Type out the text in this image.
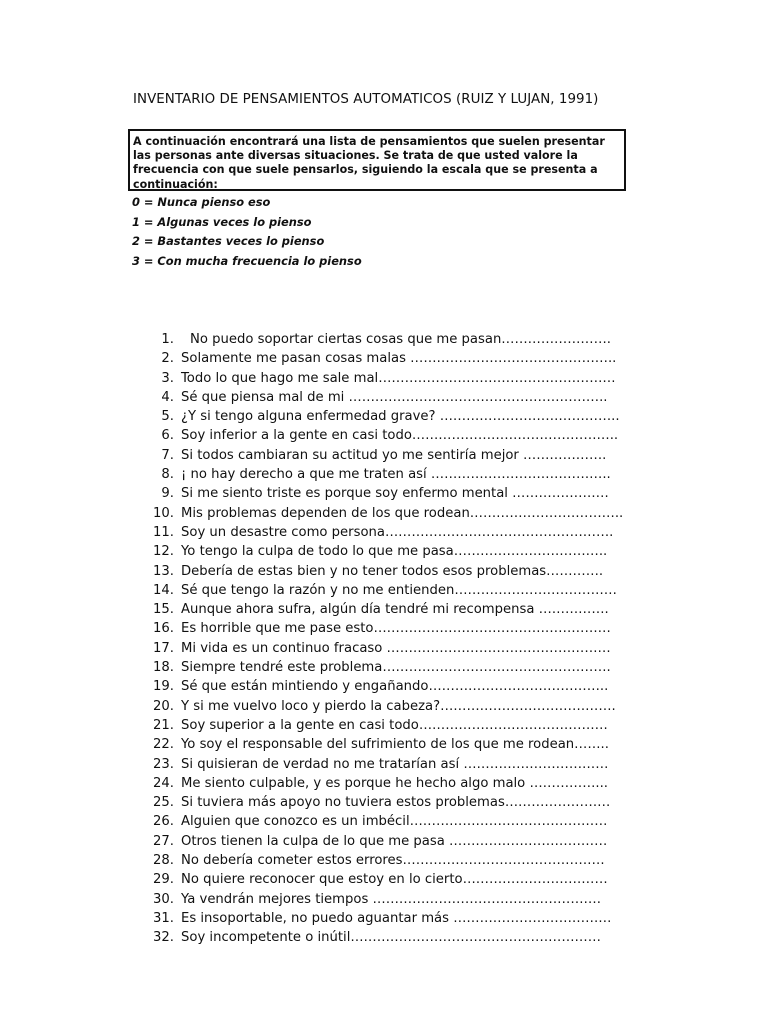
INVENTARIO DE PENSAMIENTOS AUTOMATICOS (RUIZ Y LUJAN, 1991)
A continuación encontrará una lista de pensamientos que suelen presentar las personas ante diversas situaciones. Se trata de que usted valore la frecuencia con que suele pensarlos, siguiendo la escala que se presenta a continuación:
0 = Nunca pienso eso
1 = Algunas veces lo pienso
2 = Bastantes veces lo pienso
3 = Con mucha frecuencia lo pienso
1.	No puedo soportar ciertas cosas que me pasan…………………….
2. Solamente me pasan cosas malas ………………………………………..
3. Todo lo que hago me sale mal………………………………………………
4. Sé que piensa mal de mi …………………………………………………..
5. ¿Y si tengo alguna enfermedad grave? …………………………………..
6. Soy inferior a la gente en casi todo………………………………………..
7. Si todos cambiaran su actitud yo me sentiría mejor ……………….
8. ¡ no hay derecho a que me traten así …………………………………..
9. Si me siento triste es porque soy enfermo mental ………………….
10. Mis problemas dependen de los que rodean……………………………..
11. Soy un desastre como persona…………………………………………….
12. Yo tengo la culpa de todo lo que me pasa……………………………..
13. Debería de estas bien y no tener todos esos problemas………….
14. Sé que tengo la razón y no me entienden……………………………….
15. Aunque ahora sufra, algún día tendré mi recompensa …………….
16. Es horrible que me pase esto………………………………………………
17. Mi vida es un continuo fracaso ……………………………………………
18. Siempre tendré este problema…………………………………………….
19. Sé que están mintiendo y engañando…………………………………..
20. Y si me vuelvo loco y pierdo la cabeza?………………………………….
21. Soy superior a la gente en casi todo…………………………………….
22. Yo soy el responsable del sufrimiento de los que me rodean……..
23. Si quisieran de verdad no me tratarían así ……………………………
24. Me siento culpable, y es porque he hecho algo malo ……………...
25. Si tuviera más apoyo no tuviera estos problemas……………………
26. Alguien que conozco es un imbécil………………………………………
27. Otros tienen la culpa de lo que me pasa ………………………………
28. No debería cometer estos errores……………………………………….
29. No quiere reconocer que estoy en lo cierto……………………………
30. Ya vendrán mejores tiempos …………………………………………….
31. Es insoportable, no puedo aguantar más ………………………………
32. Soy incompetente o inútil…………………………………………………
